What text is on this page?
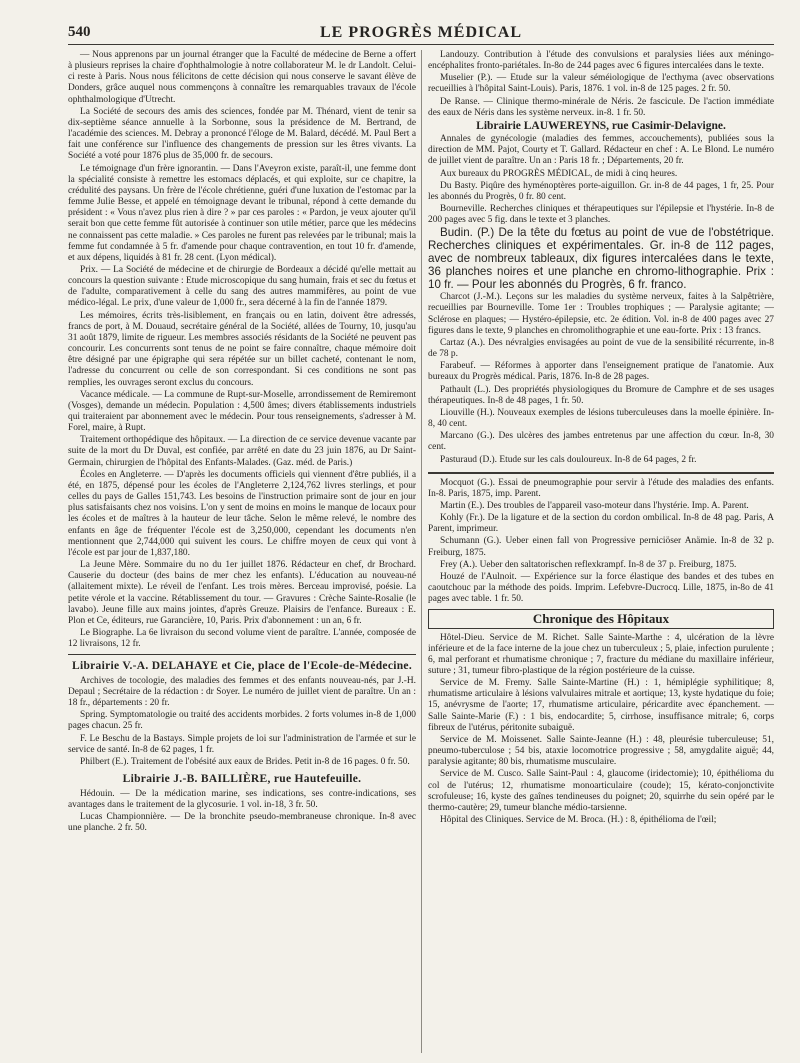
540	LE PROGRÈS MÉDICAL

— Nous apprenons par un journal étranger que la Faculté de médecine de Berne a offert à plusieurs reprises la chaire d'ophthalmologie à notre collaborateur M. le dr Landolt. Celui-ci reste à Paris. Nous nous félicitons de cette décision qui nous conserve le savant élève de Donders, grâce auquel nous commençons à connaître les remarquables travaux de l'école ophthalmologique d'Utrecht.

La Société de secours des amis des sciences, fondée par M. Thénard, vient de tenir sa dix-septième séance annuelle à la Sorbonne, sous la présidence de M. Bertrand, de l'académie des sciences. M. Debray a prononcé l'éloge de M. Balard, décédé. M. Paul Bert a fait une conférence sur l'influence des changements de pression sur les êtres vivants. La Société a voté pour 1876 plus de 35,000 fr. de secours.

Le témoignage d'un frère ignorantin. — Dans l'Aveyron existe, paraît-il, une femme dont la spécialité consiste à remettre les estomacs déplacés, et qui exploite, sur ce chapitre, la crédulité des paysans. Un frère de l'école chrétienne, guéri d'une luxation de l'estomac par la femme Julie Besse, et appelé en témoignage devant le tribunal, répond à cette demande du président : « Vous n'avez plus rien à dire ? » par ces paroles : « Pardon, je veux ajouter qu'il serait bon que cette femme fût autorisée à continuer son utile métier, parce que les médecins ne connaissent pas cette maladie. » Ces paroles ne furent pas relevées par le tribunal; mais la femme fut condamnée à 5 fr. d'amende pour chaque contravention, en tout 10 fr. d'amende, et aux dépens, liquidés à 81 fr. 28 cent. (Lyon médical).

Prix. — La Société de médecine et de chirurgie de Bordeaux a décidé qu'elle mettait au concours la question suivante : Etude microscopique du sang humain, frais et sec du fœtus et de l'adulte, comparativement à celle du sang des autres mammifères, au point de vue médico-légal. Le prix, d'une valeur de 1,000 fr., sera décerné à la fin de l'année 1879.

Les mémoires, écrits très-lisiblement, en français ou en latin, doivent être adressés, francs de port, à M. Douaud, secrétaire général de la Société, allées de Tourny, 10, jusqu'au 31 août 1879, limite de rigueur. Les membres associés résidants de la Société ne peuvent pas concourir. Les concurrents sont tenus de ne point se faire connaître, chaque mémoire doit être désigné par une épigraphe qui sera répétée sur un billet cacheté, contenant le nom, l'adresse du concurrent ou celle de son correspondant. Si ces conditions ne sont pas remplies, les ouvrages seront exclus du concours.

Vacance médicale. — La commune de Rupt-sur-Moselle, arrondissement de Remiremont (Vosges), demande un médecin. Population : 4,500 âmes; divers établissements industriels qui traiteraient par abonnement avec le médecin. Pour tous renseignements, s'adresser à M. Forel, maire, à Rupt.

Traitement orthopédique des hôpitaux. — La direction de ce service devenue vacante par suite de la mort du Dr Duval, est confiée, par arrêté en date du 23 juin 1876, au Dr Saint-Germain, chirurgien de l'hôpital des Enfants-Malades. (Gaz. méd. de Paris.)

Écoles en Angleterre. — D'après les documents officiels qui viennent d'être publiés, il a été, en 1875, dépensé pour les écoles de l'Angleterre 2,124,762 livres sterlings, et pour celles du pays de Galles 151,743. Les besoins de l'instruction primaire sont de jour en jour plus satisfaisants chez nos voisins. L'on y sent de moins en moins le manque de locaux pour les écoles et de maîtres à la hauteur de leur tâche. Selon le même relevé, le nombre des enfants en âge de fréquenter l'école est de 3,250,000, cependant les documents n'en mentionnent que 2,744,000 qui suivent les cours. Le chiffre moyen de ceux qui vont à l'école est par jour de 1,837,180.

La Jeune Mère. Sommaire du no du 1er juillet 1876. Rédacteur en chef, dr Brochard. Causerie du docteur (des bains de mer chez les enfants). L'éducation au nouveau-né (allaitement mixte). Le réveil de l'enfant. Les trois mères. Berceau improvisé, poésie. La petite vérole et la vaccine. Rétablissement du tour. — Gravures : Crèche Sainte-Rosalie (le lavabo). Jeune fille aux mains jointes, d'après Greuze. Plaisirs de l'enfance. Bureaux : E. Plon et Ce, éditeurs, rue Garancière, 10, Paris. Prix d'abonnement : un an, 6 fr.

Le Biographe. La 6e livraison du second volume vient de paraître. L'année, composée de 12 livraisons, 12 fr.

Librairie V.-A. DELAHAYE et Cie, place de l'Ecole-de-Médecine.

Archives de tocologie, des maladies des femmes et des enfants nouveau-nés, par J.-H. Depaul ; Secrétaire de la rédaction : dr Soyer. Le numéro de juillet vient de paraître. Un an : 18 fr., départements : 20 fr.

Spring. Symptomatologie ou traité des accidents morbides. 2 forts volumes in-8 de 1,000 pages chacun. 25 fr.

F. Le Beschu de la Bastays. Simple projets de loi sur l'administration de l'armée et sur le service de santé. In-8 de 62 pages, 1 fr.

Philbert (E.). Traitement de l'obésité aux eaux de Brides. Petit in-8 de 16 pages. 0 fr. 50.

Librairie J.-B. BAILLIÈRE, rue Hautefeuille.

Hédouin. — De la médication marine, ses indications, ses contre-indications, ses avantages dans le traitement de la glycosurie. 1 vol. in-18, 3 fr. 50.

Lucas Championnière. — De la bronchite pseudo-membraneuse chronique. In-8 avec une planche. 2 fr. 50.

Landouzy. Contribution à l'étude des convulsions et paralysies liées aux méningo-encéphalites fronto-pariétales. In-8o de 244 pages avec 6 figures intercalées dans le texte.

Muselier (P.). — Etude sur la valeur séméiologique de l'ecthyma (avec observations recueillies à l'hôpital Saint-Louis). Paris, 1876. 1 vol. in-8 de 125 pages. 2 fr. 50.

De Ranse. — Clinique thermo-minérale de Néris. 2e fascicule. De l'action immédiate des eaux de Néris dans les système nerveux. in-8. 1 fr. 50.

Librairie LAUWEREYNS, rue Casimir-Delavigne.

Annales de gynécologie (maladies des femmes, accouchements), publiées sous la direction de MM. Pajot, Courty et T. Gallard. Rédacteur en chef : A. Le Blond. Le numéro de juillet vient de paraître. Un an : Paris 18 fr. ; Départements, 20 fr.

Aux bureaux du PROGRÈS MÉDICAL, de midi à cinq heures.

Du Basty. Piqûre des hyménoptères porte-aiguillon. Gr. in-8 de 44 pages, 1 fr, 25. Pour les abonnés du Progrès, 0 fr. 80 cent.

Bourneville. Recherches cliniques et thérapeutiques sur l'épilepsie et l'hystérie. In-8 de 200 pages avec 5 fig. dans le texte et 3 planches.

Budin. (P.) De la tête du fœtus au point de vue de l'obstétrique. Recherches cliniques et expérimentales. Gr. in-8 de 112 pages, avec de nombreux tableaux, dix figures intercalées dans le texte, 36 planches noires et une planche en chromo-lithographie. Prix : 10 fr. — Pour les abonnés du Progrès, 6 fr. franco.

Charcot (J.-M.). Leçons sur les maladies du système nerveux, faites à la Salpêtrière, recueillies par Bourneville. Tome 1er : Troubles trophiques ; — Paralysie agitante; — Sclérose en plaques; — Hystéro-épilepsie, etc. 2e édition. Vol. in-8 de 400 pages avec 27 figures dans le texte, 9 planches en chromolithographie et une eau-forte. Prix : 13 francs.

Cartaz (A.). Des névralgies envisagées au point de vue de la sensibilité récurrente, in-8 de 78 p.

Farabeuf. — Réformes à apporter dans l'enseignement pratique de l'anatomie. Aux bureaux du Progrès médical. Paris, 1876. In-8 de 28 pages.

Pathault (L.). Des propriétés physiologiques du Bromure de Camphre et de ses usages thérapeutiques. In-8 de 48 pages, 1 fr. 50.

Liouville (H.). Nouveaux exemples de lésions tuberculeuses dans la moelle épinière. In-8, 40 cent.

Marcano (G.). Des ulcères des jambes entretenus par une affection du cœur. In-8, 30 cent.

Pasturaud (D.). Etude sur les cals douloureux. In-8 de 64 pages, 2 fr.

Mocquot (G.). Essai de pneumographie pour servir à l'étude des maladies des enfants. In-8. Paris, 1875, imp. Parent.

Martin (E.). Des troubles de l'appareil vaso-moteur dans l'hystérie. Imp. A. Parent.

Kohly (Fr.). De la ligature et de la section du cordon ombilical. In-8 de 48 pag. Paris, A Parent, imprimeur.

Schumann (G.). Ueber einen fall von Progressive perniciöser Anämie. In-8 de 32 p. Freiburg, 1875.

Frey (A.). Ueber den saltatorischen reflexkrampf. In-8 de 37 p. Freiburg, 1875.

Houzé de l'Aulnoit. — Expérience sur la force élastique des bandes et des tubes en caoutchouc par la méthode des poids. Imprim. Lefebvre-Ducrocq. Lille, 1875, in-8o de 41 pages avec table. 1 fr. 50.

Chronique des Hôpitaux

Hôtel-Dieu. Service de M. Richet. Salle Sainte-Marthe : 4, ulcération de la lèvre inférieure et de la face interne de la joue chez un tuberculeux ; 5, plaie, infection purulente ; 6, mal perforant et rhumatisme chronique ; 7, fracture du médiane du maxillaire inférieur, suture ; 31, tumeur fibro-plastique de la région postérieure de la cuisse.

Service de M. Fremy. Salle Sainte-Martine (H.) : 1, hémiplégie syphilitique; 8, rhumatisme articulaire à lésions valvulaires mitrale et aortique; 13, kyste hydatique du foie; 15, anévrysme de l'aorte; 17, rhumatisme articulaire, péricardite avec épanchement. — Salle Sainte-Marie (F.) : 1 bis, endocardite; 5, cirrhose, insuffisance mitrale; 6, corps fibreux de l'utérus, péritonite subaiguë.

Service de M. Moissenet. Salle Sainte-Jeanne (H.) : 48, pleurésie tuberculeuse; 51, pneumo-tuberculose ; 54 bis, ataxie locomotrice progressive ; 58, amygdalite aiguë; 44, paralysie agitante; 80 bis, rhumatisme musculaire.

Service de M. Cusco. Salle Saint-Paul : 4, glaucome (iridectomie); 10, épithélioma du col de l'utérus; 12, rhumatisme monoarticulaire (coude); 15, kérato-conjonctivite scrofuleuse; 16, kyste des gaînes tendineuses du poignet; 20, squirrhe du sein opéré par le thermo-cautère; 29, tumeur blanche médio-tarsienne.

Hôpital des Cliniques. Service de M. Broca. (H.) : 8, épithélioma de l'œil;
